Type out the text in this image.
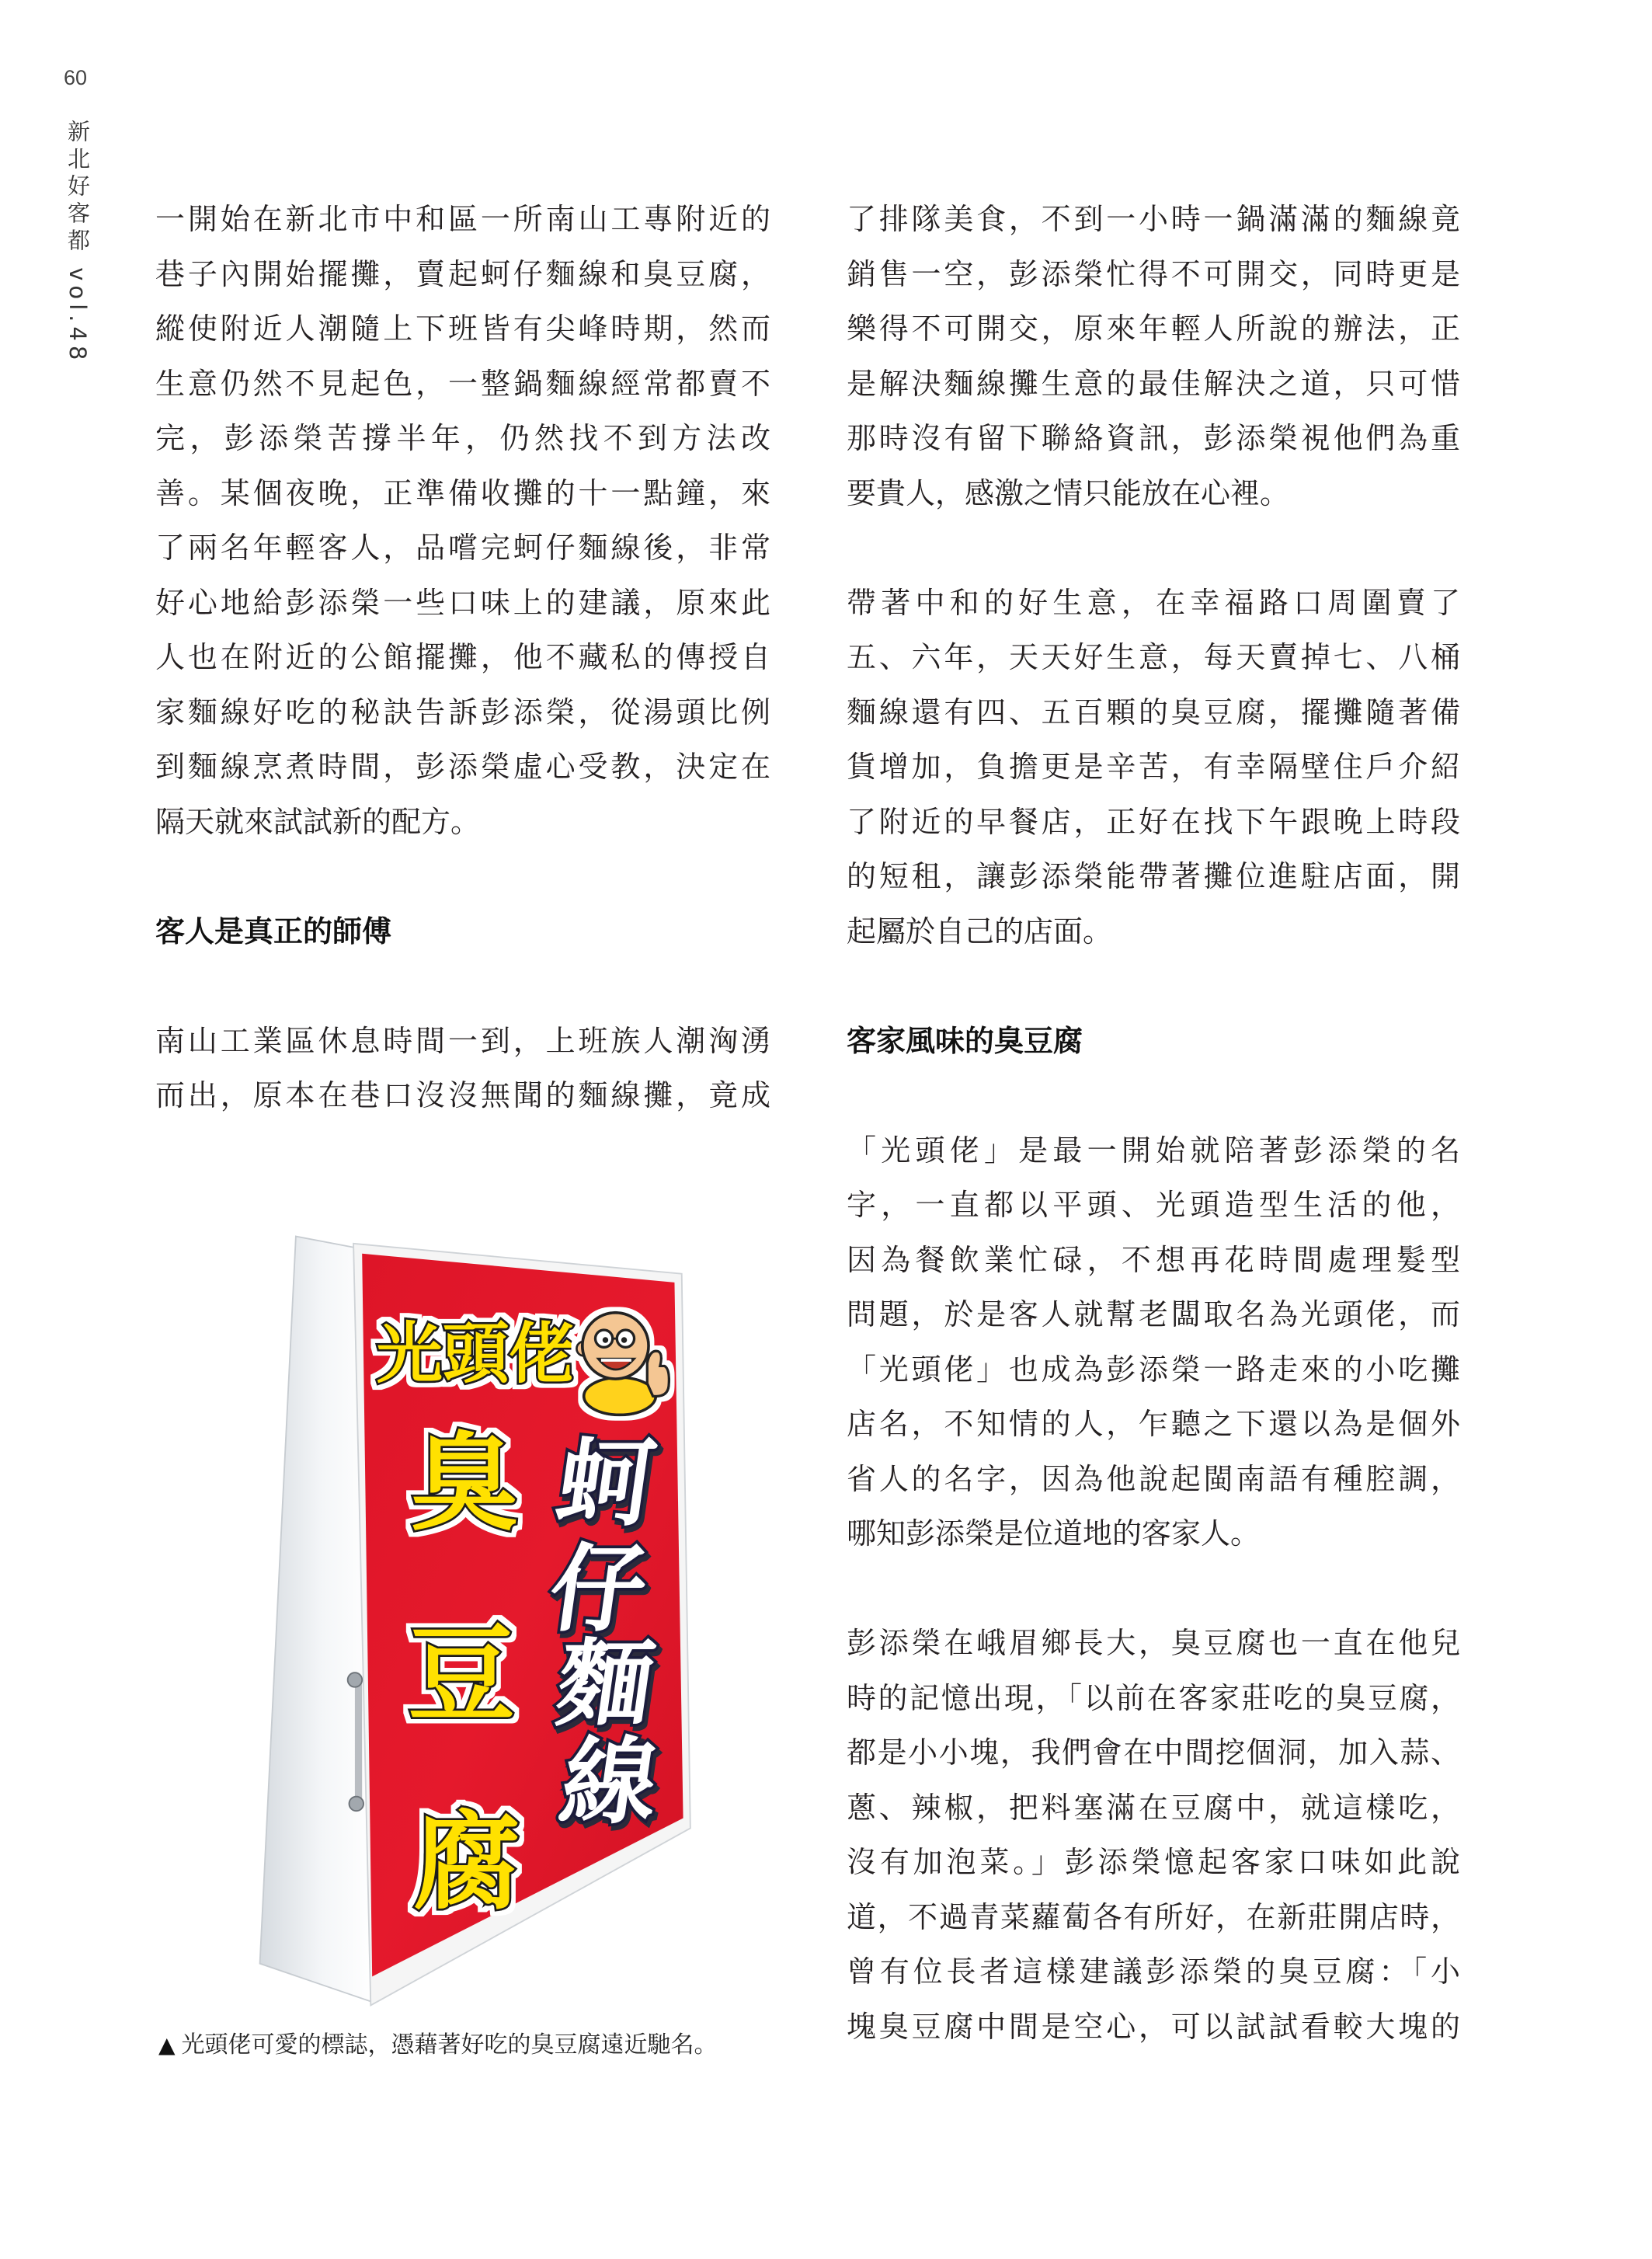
60
新北好客都 vol.48 一開始在新北市中和區一所南山工專附近的
巷子內開始擺攤，賣起蚵仔麵線和臭豆腐，
縱使附近人潮隨上下班皆有尖峰時期，然而
生意仍然不見起色，一整鍋麵線經常都賣不
完，彭添榮苦撐半年，仍然找不到方法改
善。某個夜晚，正準備收攤的十一點鐘，來
了兩名年輕客人，品嚐完蚵仔麵線後，非常
好心地給彭添榮一些口味上的建議，原來此
人也在附近的公館擺攤，他不藏私的傳授自
家麵線好吃的秘訣告訴彭添榮，從湯頭比例
到麵線烹煮時間，彭添榮虛心受教，決定在
隔天就來試試新的配方。
客人是真正的師傅
南山工業區休息時間一到，上班族人潮洶湧
而出，原本在巷口沒沒無聞的麵線攤，竟成
了排隊美食，不到一小時一鍋滿滿的麵線竟
銷售一空，彭添榮忙得不可開交，同時更是
樂得不可開交，原來年輕人所說的辦法，正
是解決麵線攤生意的最佳解決之道，只可惜
那時沒有留下聯絡資訊，彭添榮視他們為重
要貴人，感激之情只能放在心裡。
帶著中和的好生意，在幸福路口周圍賣了
五、六年，天天好生意，每天賣掉七、八桶
麵線還有四、五百顆的臭豆腐，擺攤隨著備
貨增加，負擔更是辛苦，有幸隔壁住戶介紹
了附近的早餐店，正好在找下午跟晚上時段
的短租，讓彭添榮能帶著攤位進駐店面，開
起屬於自己的店面。
客家風味的臭豆腐
「光頭佬」是最一開始就陪著彭添榮的名
字，一直都以平頭、光頭造型生活的他，
因為餐飲業忙碌，不想再花時間處理髮型
問題，於是客人就幫老闆取名為光頭佬，而
「光頭佬」也成為彭添榮一路走來的小吃攤
店名，不知情的人，乍聽之下還以為是個外
省人的名字，因為他說起閩南語有種腔調，
哪知彭添榮是位道地的客家人。
彭添榮在峨眉鄉長大，臭豆腐也一直在他兒
時的記憶出現，「以前在客家莊吃的臭豆腐，
都是小小塊，我們會在中間挖個洞，加入蒜、
蔥、辣椒，把料塞滿在豆腐中，就這樣吃，
沒有加泡菜。」彭添榮憶起客家口味如此說
道，不過青菜蘿蔔各有所好，在新莊開店時，
曾有位長者這樣建議彭添榮的臭豆腐：「小
塊臭豆腐中間是空心，可以試試看較大塊的
光頭佬
臭
豆
腐
蚵
仔
麵
線
▲ 光頭佬可愛的標誌，憑藉著好吃的臭豆腐遠近馳名。
